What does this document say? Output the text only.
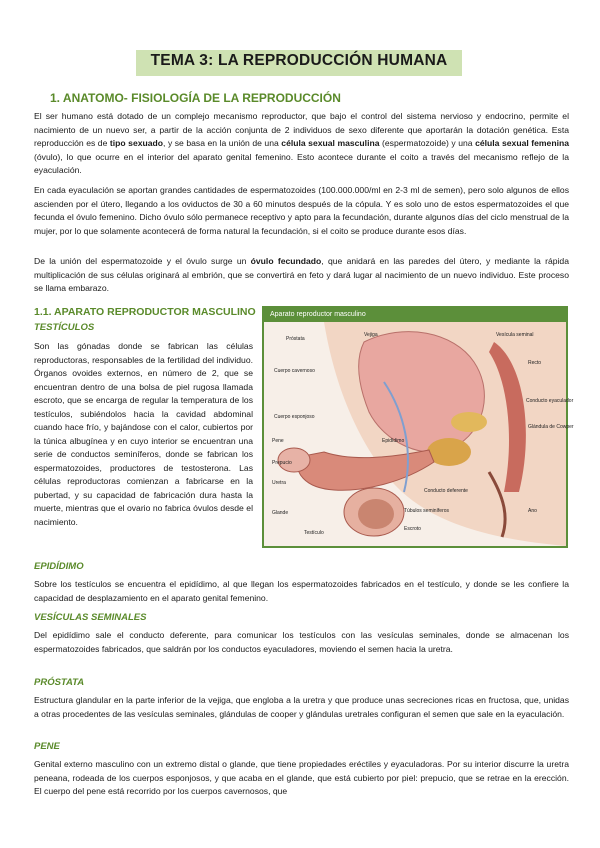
TEMA 3: LA REPRODUCCIÓN HUMANA
1. ANATOMO- FISIOLOGÍA DE LA REPRODUCCIÓN

El ser humano está dotado de un complejo mecanismo reproductor, que bajo el control del sistema nervioso y endocrino, permite el nacimiento de un nuevo ser, a partir de la acción conjunta de 2 individuos de sexo diferente que aportarán la dotación genética. Esta reproducción es de tipo sexuado, y se basa en la unión de una célula sexual masculina (espermatozoide) y una célula sexual femenina (óvulo), lo que ocurre en el interior del aparato genital femenino. Esto acontece durante el coito a través del mecanismo reflejo de la eyaculación.

En cada eyaculación se aportan grandes cantidades de espermatozoides (100.000.000/ml en 2-3 ml de semen), pero solo algunos de ellos ascienden por el útero, llegando a los oviductos de 30 a 60 minutos después de la cópula. Y es solo uno de estos espermatozoides el que fecunda el óvulo femenino. Dicho óvulo sólo permanece receptivo y apto para la fecundación, durante algunos días del ciclo menstrual de la mujer, por lo que solamente acontecerá de forma natural la fecundación, si el coito se produce durante esos días.

De la unión del espermatozoide y el óvulo surge un óvulo fecundado, que anidará en las paredes del útero, y mediante la rápida multiplicación de sus células originará al embrión, que se convertirá en feto y dará lugar al nacimiento de un nuevo individuo. Este proceso se llama embarazo.

1.1. APARATO REPRODUCTOR MASCULINO
TESTÍCULOS

Son las gónadas donde se fabrican las células reproductoras, responsables de la fertilidad del individuo. Órganos ovoides externos, en número de 2, que se encuentran dentro de una bolsa de piel rugosa llamada escroto, que se encarga de regular la temperatura de los testículos, subiéndolos hacia la cavidad abdominal cuando hace frío, y bajándose con el calor, cubiertos por la túnica albugínea y en cuyo interior se encuentran una serie de conductos seminíferos, donde se fabrican los espermatozoides, productores de testosterona. Las células reproductoras comienzan a fabricarse en la pubertad, y su capacidad de fabricación dura hasta la muerte, mientras que el ovario no fabrica óvulos desde el nacimiento.

Aparato reproductor masculino
Próstata
Vejiga	Vesícula seminal
Cuerpo cavernoso
Recto
Cuerpo esponjoso
Conducto eyaculador
Glándula de Cowper
Pene
Prepucio
Uretra
Conducto deferente
Glande	Túbulos seminíferos
Testículo
Ano
Escroto
Epidídimo
EPIDÍDIMO

Sobre los testículos se encuentra el epidídimo, al que llegan los espermatozoides fabricados en el testículo, y donde se les confiere la capacidad de desplazamiento en el aparato genital femenino.

VESÍCULAS SEMINALES

Del epidídimo sale el conducto deferente, para comunicar los testículos con las vesículas seminales, donde se almacenan los espermatozoides fabricados, que saldrán por los conductos eyaculadores, moviendo el semen hacia la uretra.

PRÓSTATA

Estructura glandular en la parte inferior de la vejiga, que engloba a la uretra y que produce unas secreciones ricas en fructosa, que, unidas a otras procedentes de las vesículas seminales, glándulas de cooper y glándulas uretrales configuran el semen que sale en la eyaculación.

PENE

Genital externo masculino con un extremo distal o glande, que tiene propiedades eréctiles y eyaculadoras. Por su interior discurre la uretra peneana, rodeada de los cuerpos esponjosos, y que acaba en el glande, que está cubierto por piel: prepucio, que se retrae en la erección. El cuerpo del pene está recorrido por los cuerpos cavernosos, que
